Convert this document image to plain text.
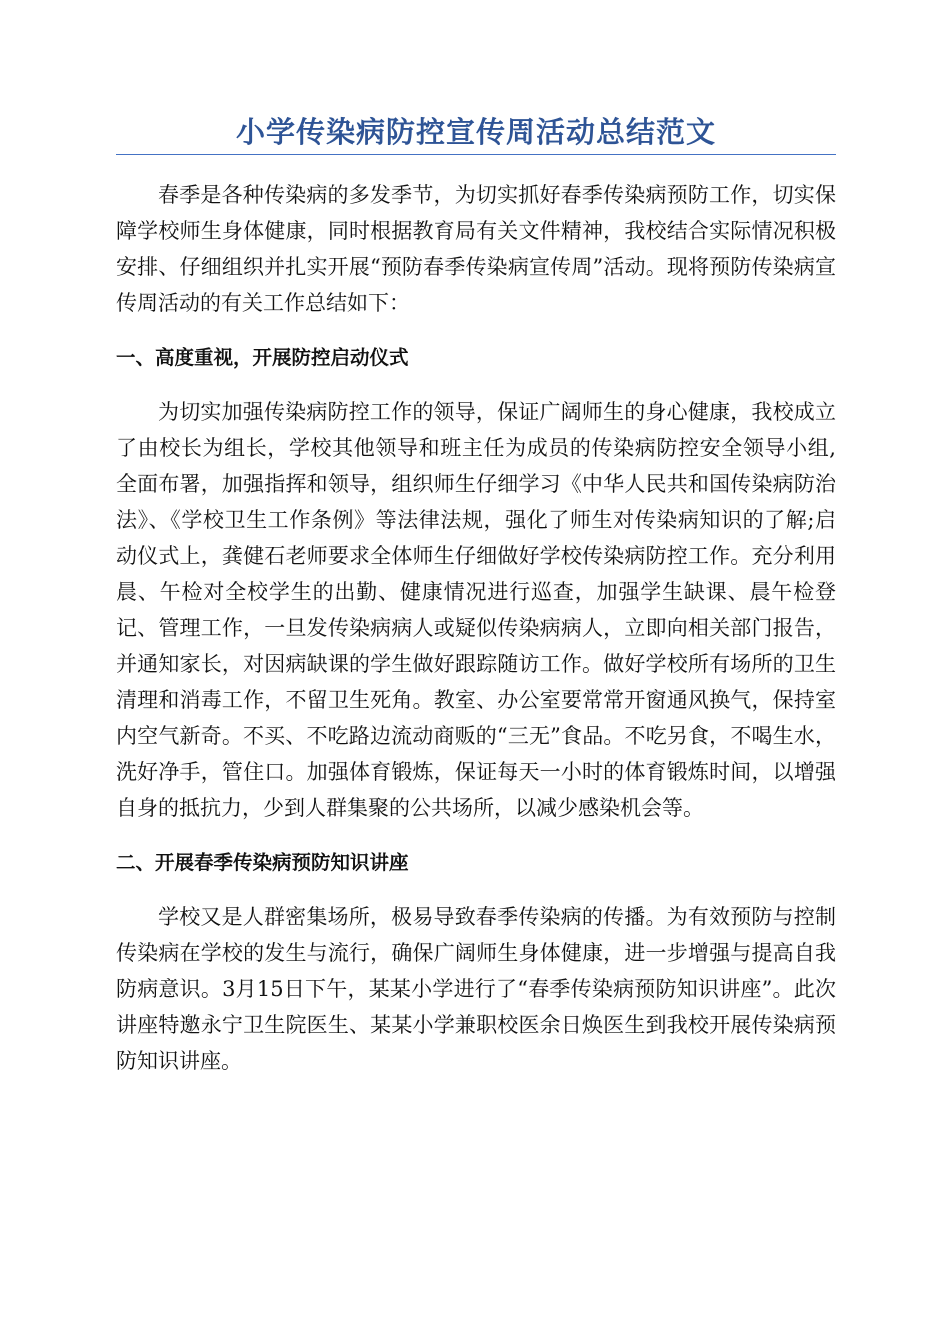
小学传染病防控宣传周活动总结范文

春季是各种传染病的多发季节，为切实抓好春季传染病预防工作，切实保障学校师生身体健康，同时根据教育局有关文件精神，我校结合实际情况积极安排、仔细组织并扎实开展“预防春季传染病宣传周”活动。现将预防传染病宣传周活动的有关工作总结如下：

一、高度重视，开展防控启动仪式

为切实加强传染病防控工作的领导，保证广阔师生的身心健康，我校成立了由校长为组长，学校其他领导和班主任为成员的传染病防控安全领导小组,全面布署，加强指挥和领导，组织师生仔细学习《中华人民共和国传染病防治法》、《学校卫生工作条例》等法律法规，强化了师生对传染病知识的了解;启动仪式上，龚健石老师要求全体师生仔细做好学校传染病防控工作。充分利用晨、午检对全校学生的出勤、健康情况进行巡查，加强学生缺课、晨午检登记、管理工作，一旦发传染病病人或疑似传染病病人，立即向相关部门报告，并通知家长，对因病缺课的学生做好跟踪随访工作。做好学校所有场所的卫生清理和消毒工作，不留卫生死角。教室、办公室要常常开窗通风换气，保持室内空气新奇。不买、不吃路边流动商贩的“三无”食品。不吃另食，不喝生水，洗好净手，管住口。加强体育锻炼，保证每天一小时的体育锻炼时间，以增强自身的抵抗力，少到人群集聚的公共场所，以减少感染机会等。

二、开展春季传染病预防知识讲座

学校又是人群密集场所，极易导致春季传染病的传播。为有效预防与控制传染病在学校的发生与流行，确保广阔师生身体健康，进一步增强与提高自我防病意识。3月15日下午，某某小学进行了“春季传染病预防知识讲座”。此次讲座特邀永宁卫生院医生、某某小学兼职校医余日焕医生到我校开展传染病预防知识讲座。
